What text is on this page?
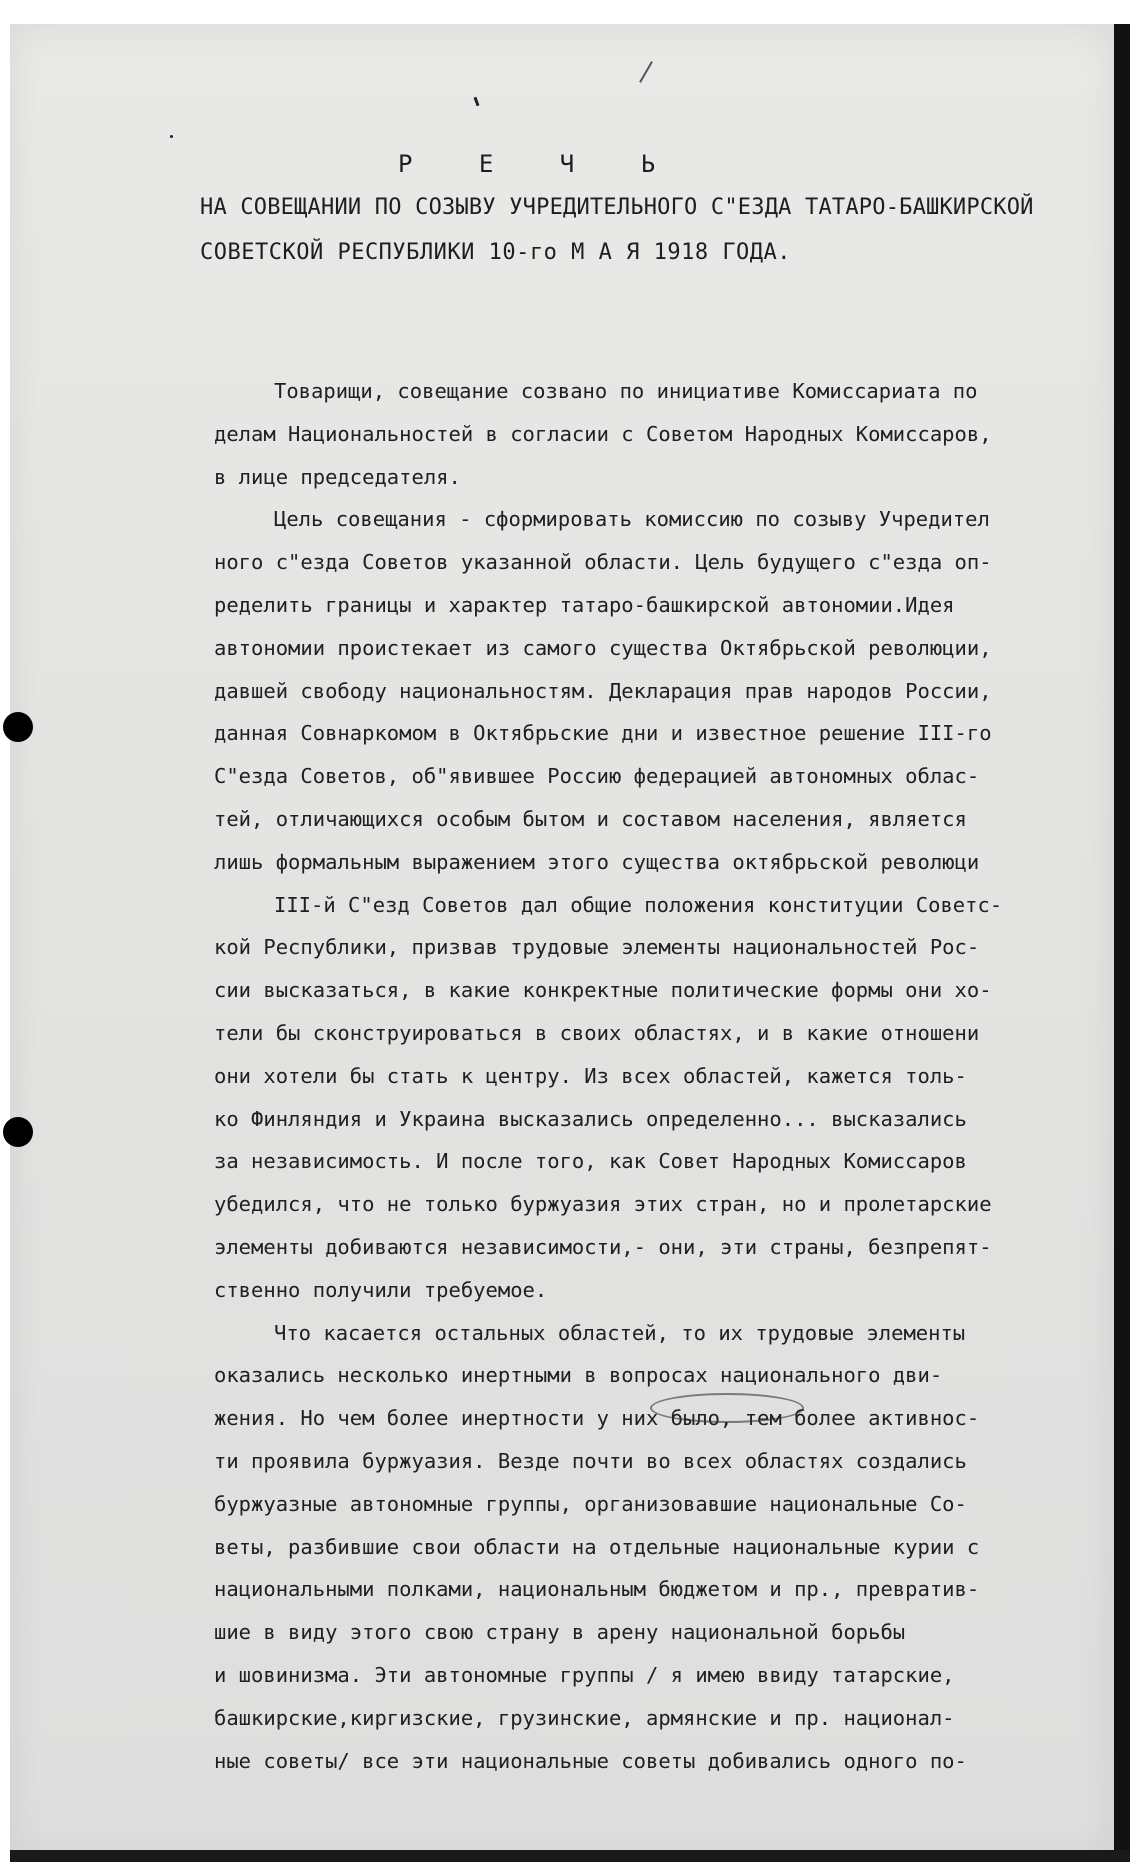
Р Е Ч Ь
НА СОВЕЩАНИИ ПО СОЗЫВУ УЧРЕДИТЕЛЬНОГО С"ЕЗДА ТАТАРО-БАШКИРСКОЙ
СОВЕТСКОЙ РЕСПУБЛИКИ 10-го М А Я 1918 ГОДА.
Товарищи, совещание созвано по инициативе Комиссариата по
делам Национальностей в согласии с Советом Народных Комиссаров,
в лице председателя.
Цель совещания - сформировать комиссию по созыву Учредител
ного с"езда Советов указанной области. Цель будущего с"езда оп-
ределить границы и характер татаро-башкирской автономии.Идея
автономии проистекает из самого существа Октябрьской революции,
давшей свободу национальностям. Декларация прав народов России,
данная Совнаркомом в Октябрьские дни и известное решение III-го
С"езда Советов, об"явившее Россию федерацией автономных облас-
тей, отличающихся особым бытом и составом населения, является
лишь формальным выражением этого существа октябрьской революци
III-й С"езд Советов дал общие положения конституции Советс-
кой Республики, призвав трудовые элементы национальностей Рос-
сии высказаться, в какие конкректные политические формы они хо-
тели бы сконструироваться в своих областях, и в какие отношени
они хотели бы стать к центру. Из всех областей, кажется толь-
ко Финляндия и Украина высказались определенно... высказались
за независимость. И после того, как Совет Народных Комиссаров
убедился, что не только буржуазия этих стран, но и пролетарские
элементы добиваются независимости,- они, эти страны, безпрепят-
ственно получили требуемое.
Что касается остальных областей, то их трудовые элементы
оказались несколько инертными в вопросах национального дви-
жения. Но чем более инертности у них было, тем более активнос-
ти проявила буржуазия. Везде почти во всех областях создались
буржуазные автономные группы, организовавшие национальные Со-
веты, разбившие свои области на отдельные национальные курии с
национальными полками, национальным бюджетом и пр., превратив-
шие в виду этого свою страну в арену национальной борьбы
и шовинизма. Эти автономные группы / я имею ввиду татарские,
башкирские,киргизские, грузинские, армянские и пр. национал-
ные советы/ все эти национальные советы добивались одного по-
